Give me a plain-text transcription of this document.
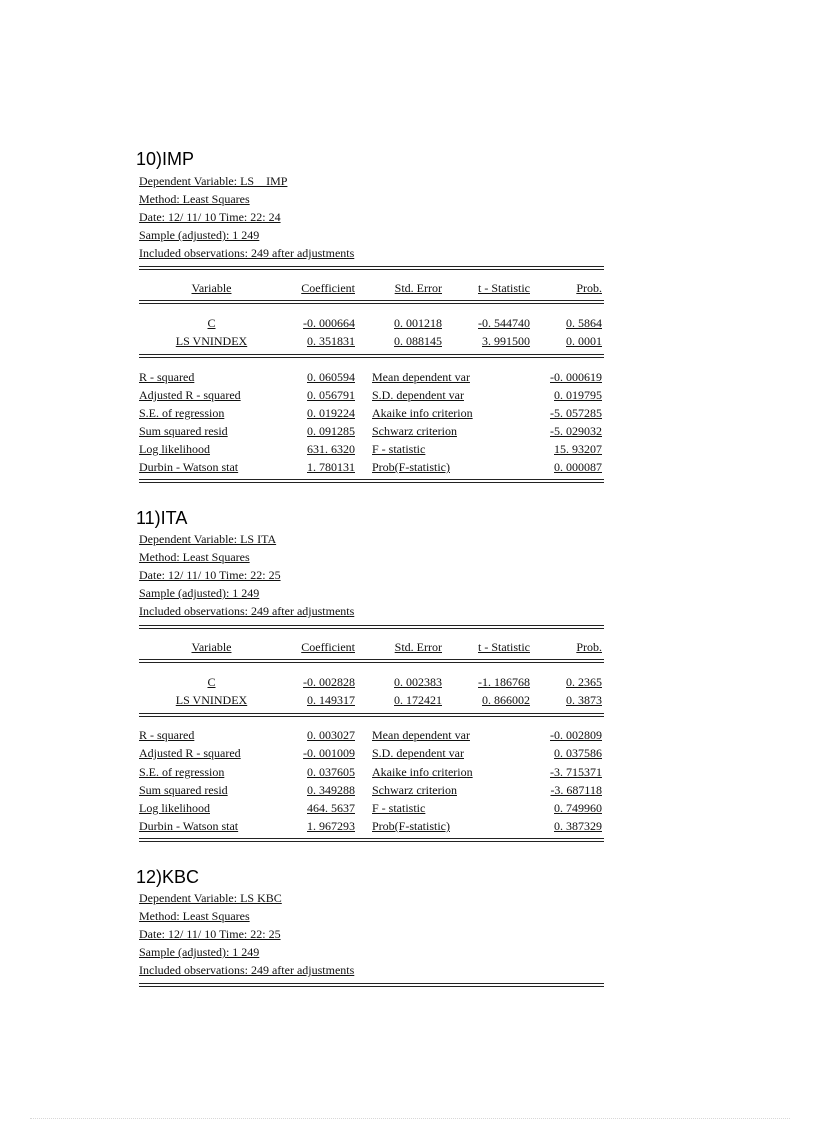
10)IMP
Dependent Variable: LS _ IMP
Method: Least Squares
Date: 12/ 11/ 10 Time: 22: 24
Sample (adjusted): 1 249
Included observations: 249 after adjustments
Variable	Coefficient	Std. Error	t - Statistic	Prob.
C	-0. 000664	0. 001218	-0. 544740	0. 5864
LS VNINDEX	0. 351831	0. 088145	3. 991500	0. 0001
R - squared	0. 060594 Mean dependent var	-0. 000619
Adjusted R - squared	0. 056791 S.D. dependent var	0. 019795
S.E. of regression	0. 019224 Akaike info criterion	-5. 057285
Sum squared resid	0. 091285 Schwarz criterion	-5. 029032
Log likelihood	631. 6320 F - statistic	15. 93207
Durbin - Watson stat	1. 780131 Prob(F-statistic)	0. 000087
11)ITA
Dependent Variable: LS ITA
Method: Least Squares
Date: 12/ 11/ 10 Time: 22: 25
Sample (adjusted): 1 249
Included observations: 249 after adjustments
Variable	Coefficient	Std. Error	t - Statistic	Prob.
C	-0. 002828	0. 002383	-1. 186768	0. 2365
LS VNINDEX	0. 149317	0. 172421	0. 866002	0. 3873
R - squared	0. 003027 Mean dependent var	-0. 002809
Adjusted R - squared	-0. 001009 S.D. dependent var	0. 037586
S.E. of regression	0. 037605 Akaike info criterion	-3. 715371
Sum squared resid	0. 349288 Schwarz criterion	-3. 687118
Log likelihood	464. 5637 F - statistic	0. 749960
Durbin - Watson stat	1. 967293 Prob(F-statistic)	0. 387329
12)KBC
Dependent Variable: LS KBC
Method: Least Squares
Date: 12/ 11/ 10 Time: 22: 25
Sample (adjusted): 1 249
Included observations: 249 after adjustments
